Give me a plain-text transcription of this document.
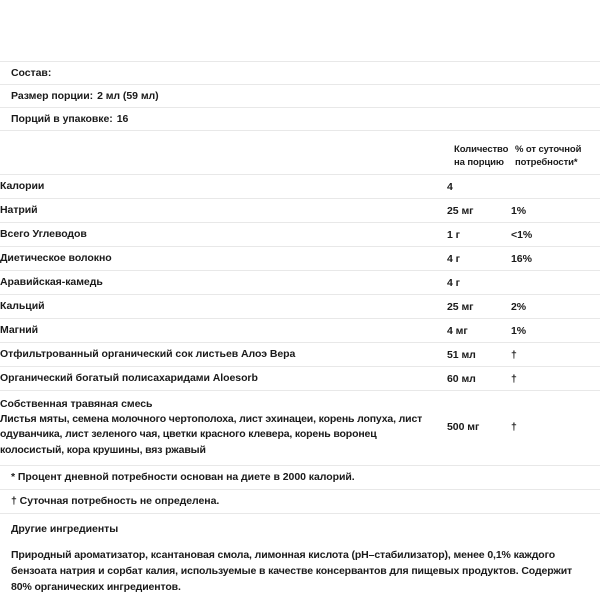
Состав:
Размер порции: 2 мл (59 мл)
Порций в упаковке: 16

	Количество на порцию	% от суточной потребности*

Калории	4	
Натрий	25 мг	1%
Всего Углеводов	1 г	<1%
Диетическое волокно	4 г	16%
Аравийская-камедь	4 г	
Кальций	25 мг	2%
Магний	4 мг	1%
Отфильтрованный органический сок листьев Алоэ Вера	51 мл	†
Органический богатый полисахаридами Aloesorb	60 мл	†

Собственная травяная смесь
Листья мяты, семена молочного чертополоха, лист эхинацеи, корень лопуха, лист одуванчика, лист зеленого чая, цветки красного клевера, корень воронец колосистый, кора крушины, вяз ржавый	500 мг	†
* Процент дневной потребности основан на диете в 2000 калорий.
† Суточная потребность не определена.
Другие ингредиенты
Природный ароматизатор, ксантановая смола, лимонная кислота (pH–стабилизатор), менее 0,1% каждого бензоата натрия и сорбат калия, используемые в качестве консервантов для пищевых продуктов. Содержит 80% органических ингредиентов.
